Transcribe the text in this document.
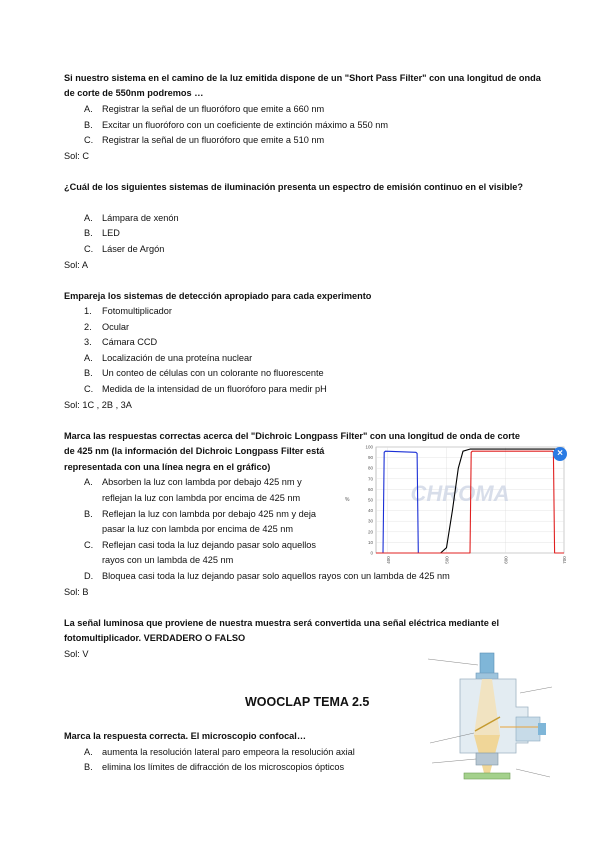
Si nuestro sistema en el camino de la luz emitida dispone de un "Short Pass Filter" con una longitud de onda de corte de 550nm podremos …
A. Registrar la señal de un fluoróforo que emite a 660 nm
B. Excitar un fluoróforo con un coeficiente de extinción máximo a 550 nm
C. Registrar la señal de un fluoróforo que emite a 510 nm
Sol: C
¿Cuál de los siguientes sistemas de iluminación presenta un espectro de emisión continuo en el visible?
A. Lámpara de xenón
B. LED
C. Láser de Argón
Sol: A
Empareja los sistemas de detección apropiado para cada experimento
1. Fotomultiplicador
2. Ocular
3. Cámara CCD
A. Localización de una proteína nuclear
B. Un conteo de células con un colorante no fluorescente
C. Medida de la intensidad de un fluoróforo para medir pH
Sol: 1C , 2B , 3A
Marca las respuestas correctas acerca del "Dichroic Longpass Filter" con una longitud de onda de corte
de 425 nm (la información del Dichroic Longpass Filter está
representada con una línea negra en el gráfico)
A. Absorben la luz con lambda por debajo 425 nm y
reflejan la luz con lambda por encima de 425 nm
B. Reflejan la luz con lambda por debajo 425 nm y deja
pasar la luz con lambda por encima de 425 nm
C. Reflejan casi toda la luz dejando pasar solo aquellos
rayos con un lambda de 425 nm
D. Bloquea casi toda la luz dejando pasar solo aquellos rayos con un lambda de 425 nm
Sol: B
CHROMA
%
100
90
80
70
60
50
40
30
20
10
0
400	500	600	700
×
La señal luminosa que proviene de nuestra muestra será convertida una señal eléctrica mediante el
fotomultiplicador. VERDADERO O FALSO
Sol: V
WOOCLAP TEMA 2.5
Marca la respuesta correcta. El microscopio confocal…
A. aumenta la resolución lateral paro empeora la resolución axial
B. elimina los límites de difracción de los microscopios ópticos
